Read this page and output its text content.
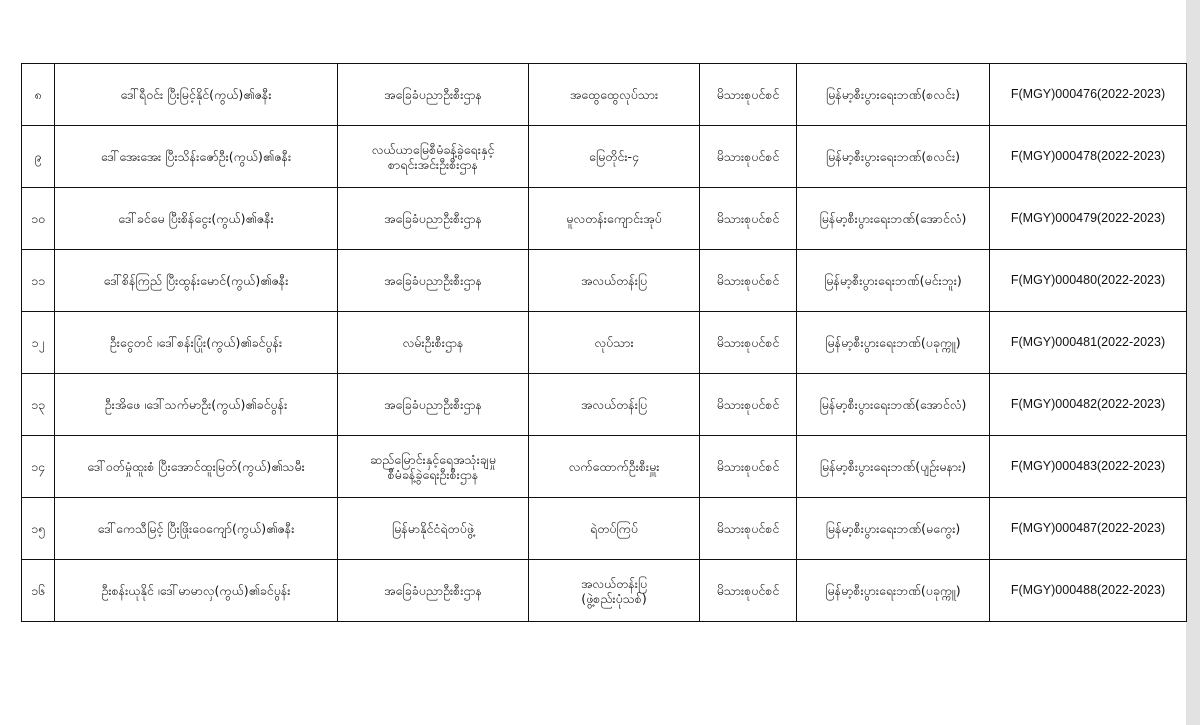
၈	ဒေါ်ရီဝင်း ပြီးမြင့်နိုင်(ကွယ်)၏ဇနီး	အခြေခံပညာဦးစီးဌာန	အထွေထွေလုပ်သား	မိသားစုပင်စင်	မြန်မာ့စီးပွားရေးဘဏ်(စလင်း)	F(MGY)000476(2022-2023)
၉	ဒေါ်အေးအေး ပြီးသိန်းဇော်ဦး(ကွယ်)၏ဇနီး	လယ်ယာမြေစီမံခန့်ခွဲရေးနှင့်
စာရင်းအင်းဦးစီးဌာန	မြေတိုင်း-၄	မိသားစုပင်စင်	မြန်မာ့စီးပွားရေးဘဏ်(စလင်း)	F(MGY)000478(2022-2023)
၁၀	ဒေါ်ခင်မေ ပြီးစိန်ငွေး(ကွယ်)၏ဇနီး	အခြေခံပညာဦးစီးဌာန	မူလတန်းကျောင်းအုပ်	မိသားစုပင်စင်	မြန်မာ့စီးပွားရေးဘဏ်(အောင်လံ)	F(MGY)000479(2022-2023)
၁၁	ဒေါ်စိန်ကြည် ပြီးထွန်းမောင်(ကွယ်)၏ဇနီး	အခြေခံပညာဦးစီးဌာန	အလယ်တန်းပြ	မိသားစုပင်စင်	မြန်မာ့စီးပွားရေးဘဏ်(မင်းဘူး)	F(MGY)000480(2022-2023)
၁၂	ဦးငွေတင် ၊ဒေါ်စန်းပြုံး(ကွယ်)၏ခင်ပွန်း	လမ်းဦးစီးဌာန	လုပ်သား	မိသားစုပင်စင်	မြန်မာ့စီးပွားရေးဘဏ်(ပခုက္ကူ)	F(MGY)000481(2022-2023)
၁၃	ဦးအိဖေ ၊ဒေါ်သက်မာဦး(ကွယ်)၏ခင်ပွန်း	အခြေခံပညာဦးစီးဌာန	အလယ်တန်းပြ	မိသားစုပင်စင်	မြန်မာ့စီးပွားရေးဘဏ်(အောင်လံ)	F(MGY)000482(2022-2023)
၁၄	ဒေါ်ဝတ်မှုံထူးစံ ပြီးအောင်ထူးမြတ်(ကွယ်)၏သမီး	ဆည်မြောင်းနှင့်ရေအသုံးချမှု
စီမံခန့်ခွဲရေးဦးစီးဌာန	လက်ထောက်ဦးစီးမှူး	မိသားစုပင်စင်	မြန်မာ့စီးပွားရေးဘဏ်(ပျဉ်းမနား)	F(MGY)000483(2022-2023)
၁၅	ဒေါ်ကေသီမြင့် ပြီးဖြိုးဝေကျော်(ကွယ်)၏ဇနီး	မြန်မာနိုင်ငံရဲတပ်ဖွဲ့	ရဲတပ်ကြပ်	မိသားစုပင်စင်	မြန်မာ့စီးပွားရေးဘဏ်(မကွေး)	F(MGY)000487(2022-2023)
၁၆	ဦးစန်းယုနိုင် ၊ဒေါ်မာမာလှ(ကွယ်)၏ခင်ပွန်း	အခြေခံပညာဦးစီးဌာန	အလယ်တန်းပြ
(ဖွဲ့စည်းပုံသစ်)	မိသားစုပင်စင်	မြန်မာ့စီးပွားရေးဘဏ်(ပခုက္ကူ)	F(MGY)000488(2022-2023)
